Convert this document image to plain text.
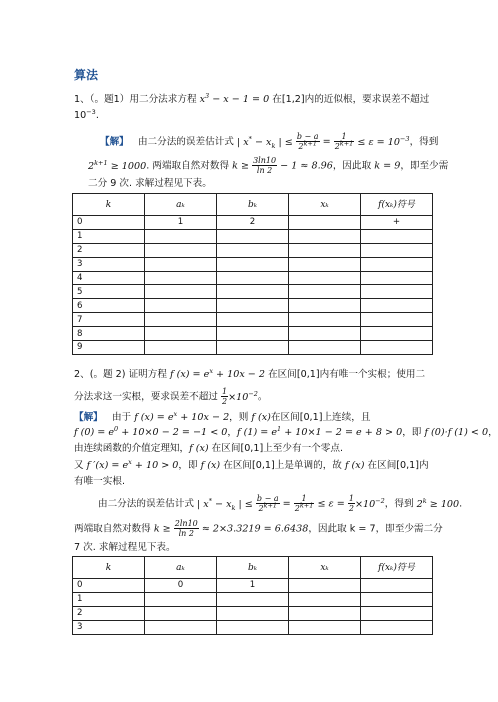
算法
1、（。题1）用二分法求方程 $x^3 - x - 1 = 0$ 在[1,2]内的近似根，要求误差不超过
$10^{-3}$.
【解】 由二分法的误差估计式 | $x^* - x_k$ | ≤ $\frac{b - a}{2^{k+1}} = \frac{1}{2^{k+1}} \le \varepsilon = 10^{-3}$，得到
$2^{k+1} \ge 1000$. 两端取自然对数得 $k \ge \frac{3\ln 10}{\ln 2} - 1 \approx 8.96$，因此取 k = 9，即至少需
二分 9 次. 求解过程见下表。
k	aₖ	bₖ	xₖ	f(xₖ)符号
0	1	2		+
1				
2				
3				
4				
5				
6				
7				
8				
9				
2、(。题 2) 证明方程 f $(x) = e^x + 10x - 2$ 在区间[0,1]内有唯一个实根；使用二
分法求这一实根，要求误差不超过 $\frac{1}{2} \times 10^{-2}$。
【解】 由于 f $(x) = e^x + 10x - 2$，则 f (x)在区间[0,1]上连续，且
f $(0) = e^0 + 10\times 0 - 2 = -1 < 0$，f $(1) = e^1 + 10\times 1 - 2 = e + 8 > 0$，即 f (0)·f (1) < 0，
由连续函数的介值定理知，f (x) 在区间[0,1]上至少有一个零点.
又 f $'(x) = e^x + 10 > 0$，即 f (x) 在区间[0,1]上是单调的，故 f (x) 在区间[0,1]内
有唯一实根.
由二分法的误差估计式 | $x^* - x_k$ | ≤ $\frac{b - a}{2^{k+1}} = \frac{1}{2^{k+1}} \le \varepsilon = \frac{1}{2} \times 10^{-2}$，得到 $2^k \ge 100$.
两端取自然对数得 $k \ge \frac{2\ln 10}{\ln 2} \approx 2\times 3.3219 = 6.6438$，因此取 k = 7，即至少需二分
7 次. 求解过程见下表。
k	aₖ	bₖ	xₖ	f(xₖ)符号
0	0	1		
1				
2				
3				
